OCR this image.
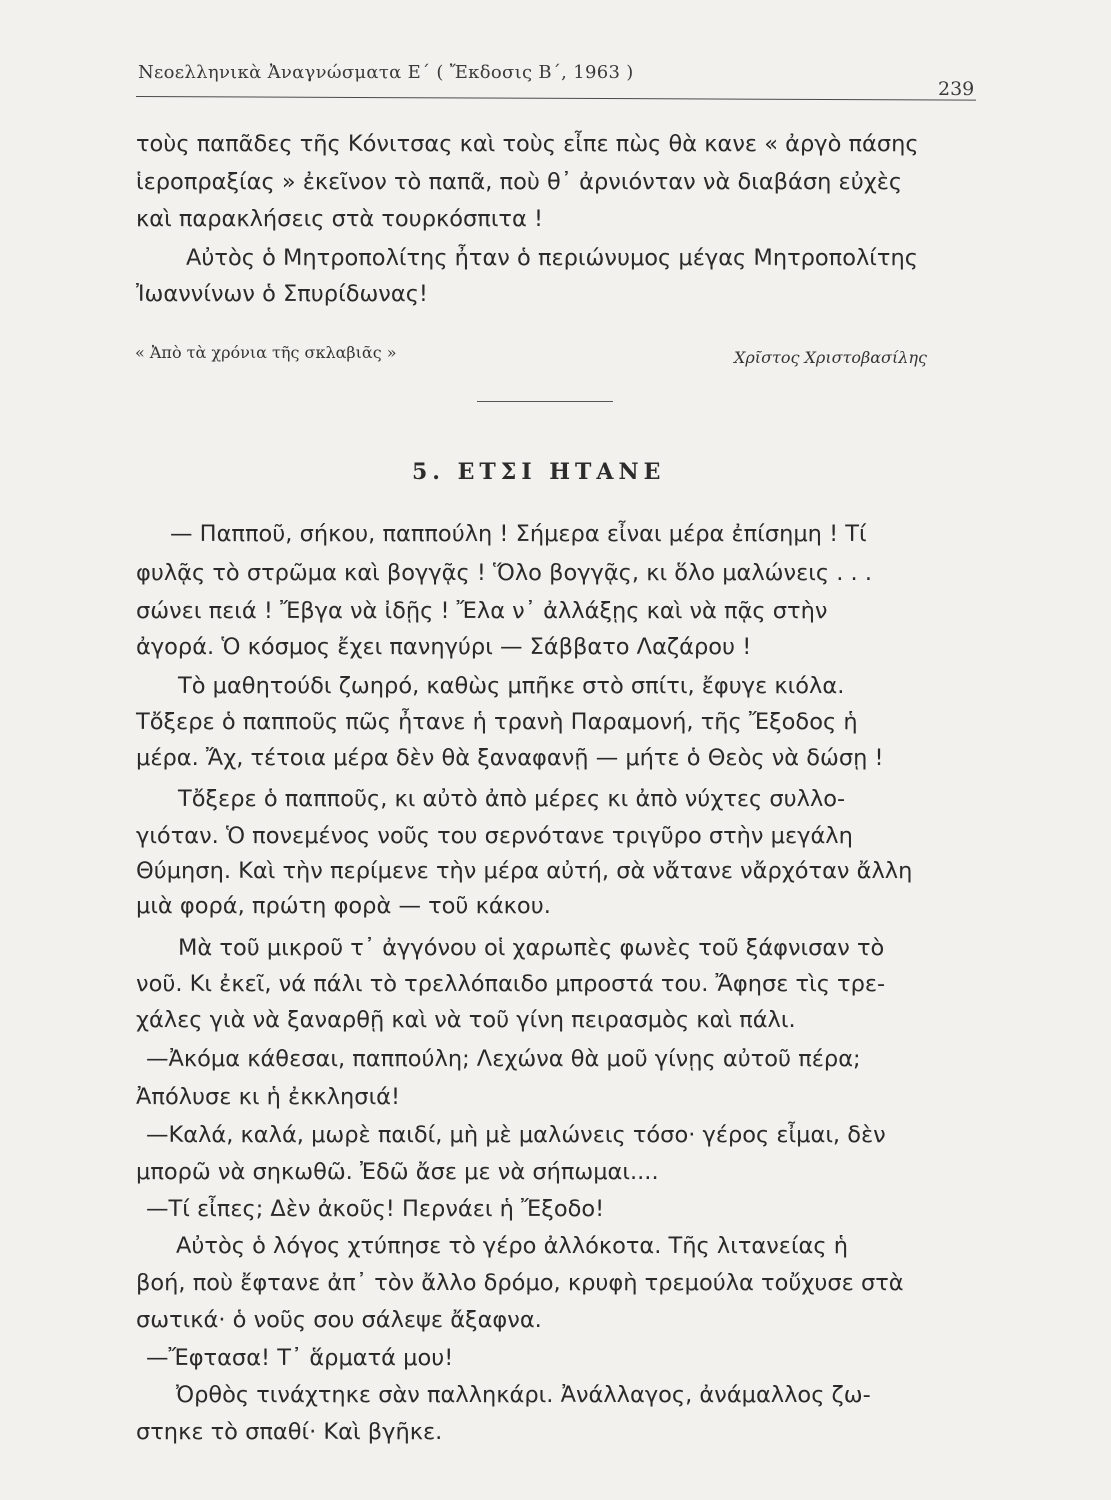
Νεοελληνικὰ Ἀναγνώσματα Ε΄ ( Ἔκδοσις Β΄, 1963 )
239

τοὺς παπᾶδες τῆς Κόνιτσας καὶ τοὺς εἶπε πὼς θὰ κανε « ἀργὸ πάσης

ἱεροπραξίας » ἐκεῖνον τὸ παπᾶ, ποὺ θ᾽ ἀρνιόνταν νὰ διαβάση εὐχὲς

καὶ παρακλήσεις στὰ τουρκόσπιτα !

Αὐτὸς ὁ Μητροπολίτης ἦταν ὁ περιώνυμος μέγας Μητροπολίτης

Ἰωαννίνων ὁ Σπυρίδωνας!

« Ἀπὸ τὰ χρόνια τῆς σκλαβιᾶς »	Χρῖστος Χριστοβασίλης
5. ΕΤΣΙ ΗΤΑΝΕ

— Παπποῦ, σήκου, παππούλη ! Σήμερα εἶναι μέρα ἐπίσημη ! Τί

φυλᾷς τὸ στρῶμα καὶ βογγᾷς ! Ὅλο βογγᾷς, κι ὅλο μαλώνεις . . .

σώνει πειά ! Ἔβγα νὰ ἰδῇς ! Ἔλα ν᾽ ἀλλάξῃς καὶ νὰ πᾷς στὴν

ἀγορά. Ὁ κόσμος ἔχει πανηγύρι — Σάββατο Λαζάρου !

Τὸ μαθητούδι ζωηρό, καθὼς μπῆκε στὸ σπίτι, ἔφυγε κιόλα.

Τὄξερε ὁ παπποῦς πῶς ἦτανε ἡ τρανὴ Παραμονή, τῆς Ἔξοδος ἡ

μέρα. Ἄχ, τέτοια μέρα δὲν θὰ ξαναφανῇ — μήτε ὁ Θεὸς νὰ δώσῃ !

Τὄξερε ὁ παπποῦς, κι αὐτὸ ἀπὸ μέρες κι ἀπὸ νύχτες συλλο-

γιόταν. Ὁ πονεμένος νοῦς του σερνότανε τριγῦρο στὴν μεγάλη

Θύμηση. Καὶ τὴν περίμενε τὴν μέρα αὐτή, σὰ νἄτανε νἄρχόταν ἄλλη

μιὰ φορά, πρώτη φορὰ — τοῦ κάκου.

Μὰ τοῦ μικροῦ τ᾽ ἀγγόνου οἱ χαρωπὲς φωνὲς τοῦ ξάφνισαν τὸ

νοῦ. Κι ἐκεῖ, νά πάλι τὸ τρελλόπαιδο μπροστά του. Ἄφησε τὶς τρε-

χάλες γιὰ νὰ ξαναρθῇ καὶ νὰ τοῦ γίνη πειρασμὸς καὶ πάλι.

—Ἀκόμα κάθεσαι, παππούλη; Λεχώνα θὰ μοῦ γίνῃς αὐτοῦ πέρα;

Ἀπόλυσε κι ἡ ἐκκλησιά!

—Καλά, καλά, μωρὲ παιδί, μὴ μὲ μαλώνεις τόσο· γέρος εἶμαι, δὲν

μπορῶ νὰ σηκωθῶ. Ἐδῶ ἄσε με νὰ σήπωμαι....

—Τί εἶπες; Δὲν ἀκοῦς! Περνάει ἡ Ἔξοδο!

Αὐτὸς ὁ λόγος χτύπησε τὸ γέρο ἀλλόκοτα. Τῆς λιτανείας ἡ

βοή, ποὺ ἔφτανε ἀπ᾽ τὸν ἄλλο δρόμο, κρυφὴ τρεμούλα τοὔχυσε στὰ

σωτικά· ὁ νοῦς σου σάλεψε ἄξαφνα.

—Ἔφτασα! Τ᾽ ἅρματά μου!

Ὀρθὸς τινάχτηκε σὰν παλληκάρι. Ἀνάλλαγος, ἀνάμαλλος ζω-

στηκε τὸ σπαθί· Καὶ βγῆκε.
